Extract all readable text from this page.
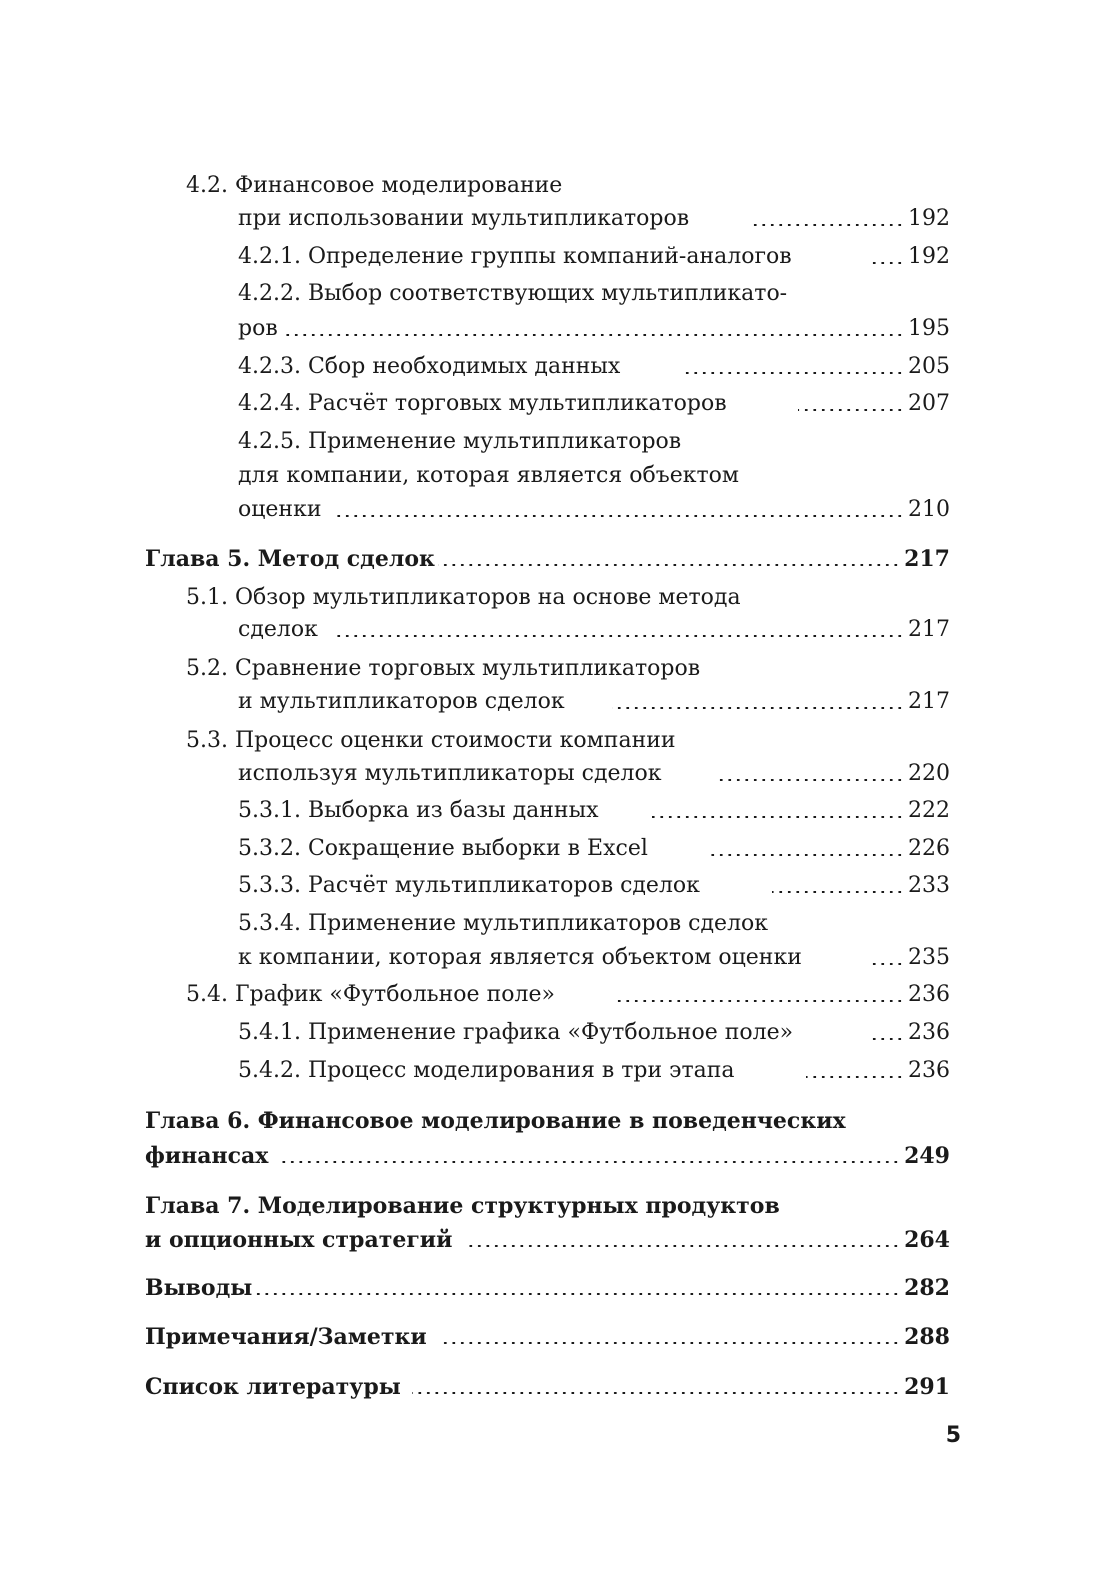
4.2. Финансовое моделирование
при использовании мультипликаторов	192
4.2.1. Определение группы компаний-аналогов	192
4.2.2. Выбор соответствующих мультипликато-
ров	195
4.2.3. Сбор необходимых данных	205
4.2.4. Расчёт торговых мультипликаторов	207
4.2.5. Применение мультипликаторов
для компании, которая является объектом
оценки	210
Глава 5. Метод сделок	217
5.1. Обзор мультипликаторов на основе метода
сделок	217
5.2. Сравнение торговых мультипликаторов
и мультипликаторов сделок	217
5.3. Процесс оценки стоимости компании
используя мультипликаторы сделок	220
5.3.1. Выборка из базы данных	222
5.3.2. Сокращение выборки в Excel	226
5.3.3. Расчёт мультипликаторов сделок	233
5.3.4. Применение мультипликаторов сделок
к компании, которая является объектом оценки	235
5.4. График «Футбольное поле»	236
5.4.1. Применение графика «Футбольное поле»	236
5.4.2. Процесс моделирования в три этапа	236
Глава 6. Финансовое моделирование в поведенческих
финансах	249
Глава 7. Моделирование структурных продуктов
и опционных стратегий	264
Выводы	282
Примечания/Заметки	288
Список литературы	291
5
